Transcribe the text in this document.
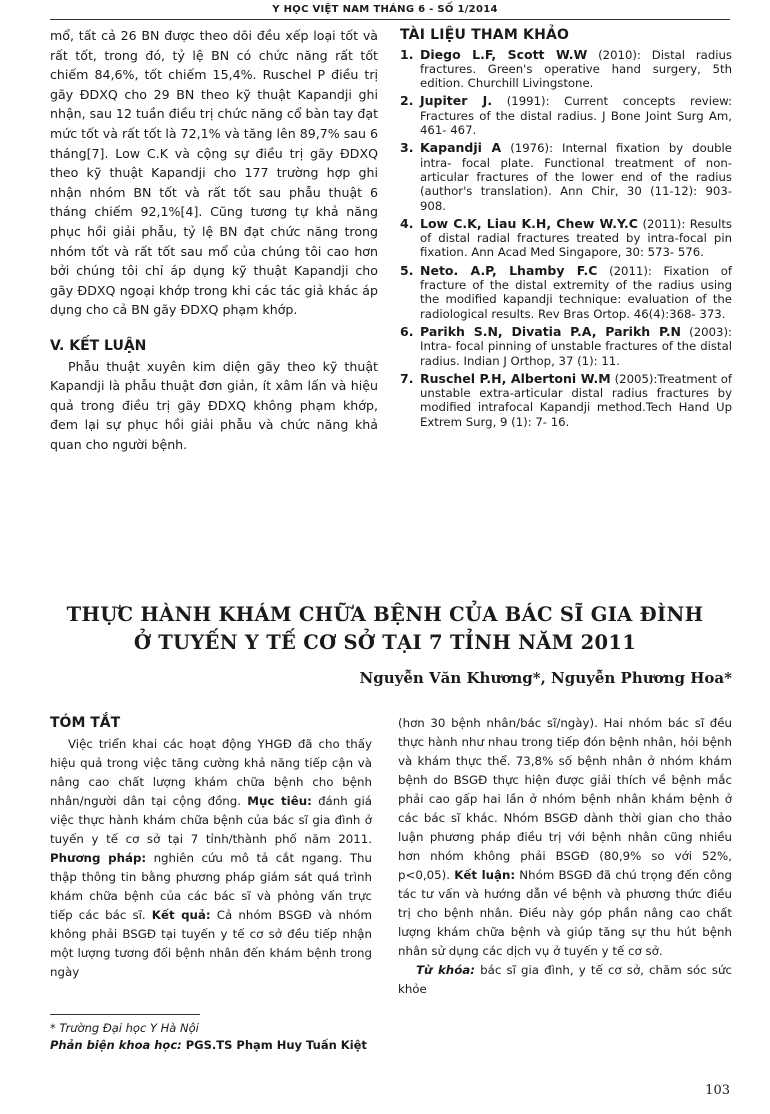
Y HỌC VIỆT NAM THÁNG 6 - SỐ 1/2014

mổ, tất cả 26 BN được theo dõi đều xếp loại tốt và rất tốt, trong đó, tỷ lệ BN có chức năng rất tốt chiếm 84,6%, tốt chiếm 15,4%. Ruschel P điều trị gãy ĐDXQ cho 29 BN theo kỹ thuật Kapandji ghi nhận, sau 12 tuần điều trị chức năng cổ bàn tay đạt mức tốt và rất tốt là 72,1% và tăng lên 89,7% sau 6 tháng[7]. Low C.K và cộng sự điều trị gãy ĐDXQ theo kỹ thuật Kapandji cho 177 trường hợp ghi nhận nhóm BN tốt và rất tốt sau phẫu thuật 6 tháng chiếm 92,1%[4]. Cũng tương tự khả năng phục hồi giải phẫu, tỷ lệ BN đạt chức năng trong nhóm tốt và rất tốt sau mổ của chúng tôi cao hơn bởi chúng tôi chỉ áp dụng kỹ thuật Kapandji cho gãy ĐDXQ ngoại khớp trong khi các tác giả khác áp dụng cho cả BN gãy ĐDXQ phạm khớp.

V. KẾT LUẬN

Phẫu thuật xuyên kim diện gãy theo kỹ thuật Kapandji là phẫu thuật đơn giản, ít xâm lấn và hiệu quả trong điều trị gãy ĐDXQ không phạm khớp, đem lại sự phục hồi giải phẫu và chức năng khả quan cho người bệnh.

TÀI LIỆU THAM KHẢO
1. Diego L.F, Scott W.W (2010): Distal radius fractures. Green's operative hand surgery, 5th edition. Churchill Livingstone.
2. Jupiter J. (1991): Current concepts review: Fractures of the distal radius. J Bone Joint Surg Am, 461- 467.
3. Kapandji A (1976): Internal fixation by double intra- focal plate. Functional treatment of non-articular fractures of the lower end of the radius (author's translation). Ann Chir, 30 (11-12): 903- 908.
4. Low C.K, Liau K.H, Chew W.Y.C (2011): Results of distal radial fractures treated by intra-focal pin fixation. Ann Acad Med Singapore, 30: 573- 576.
5. Neto. A.P, Lhamby F.C (2011): Fixation of fracture of the distal extremity of the radius using the modified kapandji technique: evaluation of the radiological results. Rev Bras Ortop. 46(4):368- 373.
6. Parikh S.N, Divatia P.A, Parikh P.N (2003): Intra- focal pinning of unstable fractures of the distal radius. Indian J Orthop, 37 (1): 11.
7. Ruschel P.H, Albertoni W.M (2005):Treatment of unstable extra-articular distal radius fractures by modified intrafocal Kapandji method.Tech Hand Up Extrem Surg, 9 (1): 7- 16.
THỰC HÀNH KHÁM CHỮA BỆNH CỦA BÁC SĨ GIA ĐÌNH
Ở TUYẾN Y TẾ CƠ SỞ TẠI 7 TỈNH NĂM 2011
Nguyễn Văn Khương*, Nguyễn Phương Hoa*
TÓM TẮT

Việc triển khai các hoạt động YHGĐ đã cho thấy hiệu quả trong việc tăng cường khả năng tiếp cận và nâng cao chất lượng khám chữa bệnh cho bệnh nhân/người dân tại cộng đồng. Mục tiêu: đánh giá việc thực hành khám chữa bệnh của bác sĩ gia đình ở tuyến y tế cơ sở tại 7 tỉnh/thành phố năm 2011. Phương pháp: nghiên cứu mô tả cắt ngang. Thu thập thông tin bằng phương pháp giám sát quá trình khám chữa bệnh của các bác sĩ và phỏng vấn trực tiếp các bác sĩ. Kết quả: Cả nhóm BSGĐ và nhóm không phải BSGĐ tại tuyến y tế cơ sở đều tiếp nhận một lượng tương đối bệnh nhân đến khám bệnh trong ngày

(hơn 30 bệnh nhân/bác sĩ/ngày). Hai nhóm bác sĩ đều thực hành như nhau trong tiếp đón bệnh nhân, hỏi bệnh và khám thực thể. 73,8% số bệnh nhân ở nhóm khám bệnh do BSGĐ thực hiện được giải thích về bệnh mắc phải cao gấp hai lần ở nhóm bệnh nhân khám bệnh ở các bác sĩ khác. Nhóm BSGĐ dành thời gian cho thảo luận phương pháp điều trị với bệnh nhân cũng nhiều hơn nhóm không phải BSGĐ (80,9% so với 52%, p<0,05). Kết luận: Nhóm BSGĐ đã chú trọng đến công tác tư vấn và hướng dẫn về bệnh và phương thức điều trị cho bệnh nhân. Điều này góp phần nâng cao chất lượng khám chữa bệnh và giúp tăng sự thu hút bệnh nhân sử dụng các dịch vụ ở tuyến y tế cơ sở.

Từ khóa: bác sĩ gia đình, y tế cơ sở, chăm sóc sức khỏe

* Trường Đại học Y Hà Nội
Phản biện khoa học: PGS.TS Phạm Huy Tuấn Kiệt
103
